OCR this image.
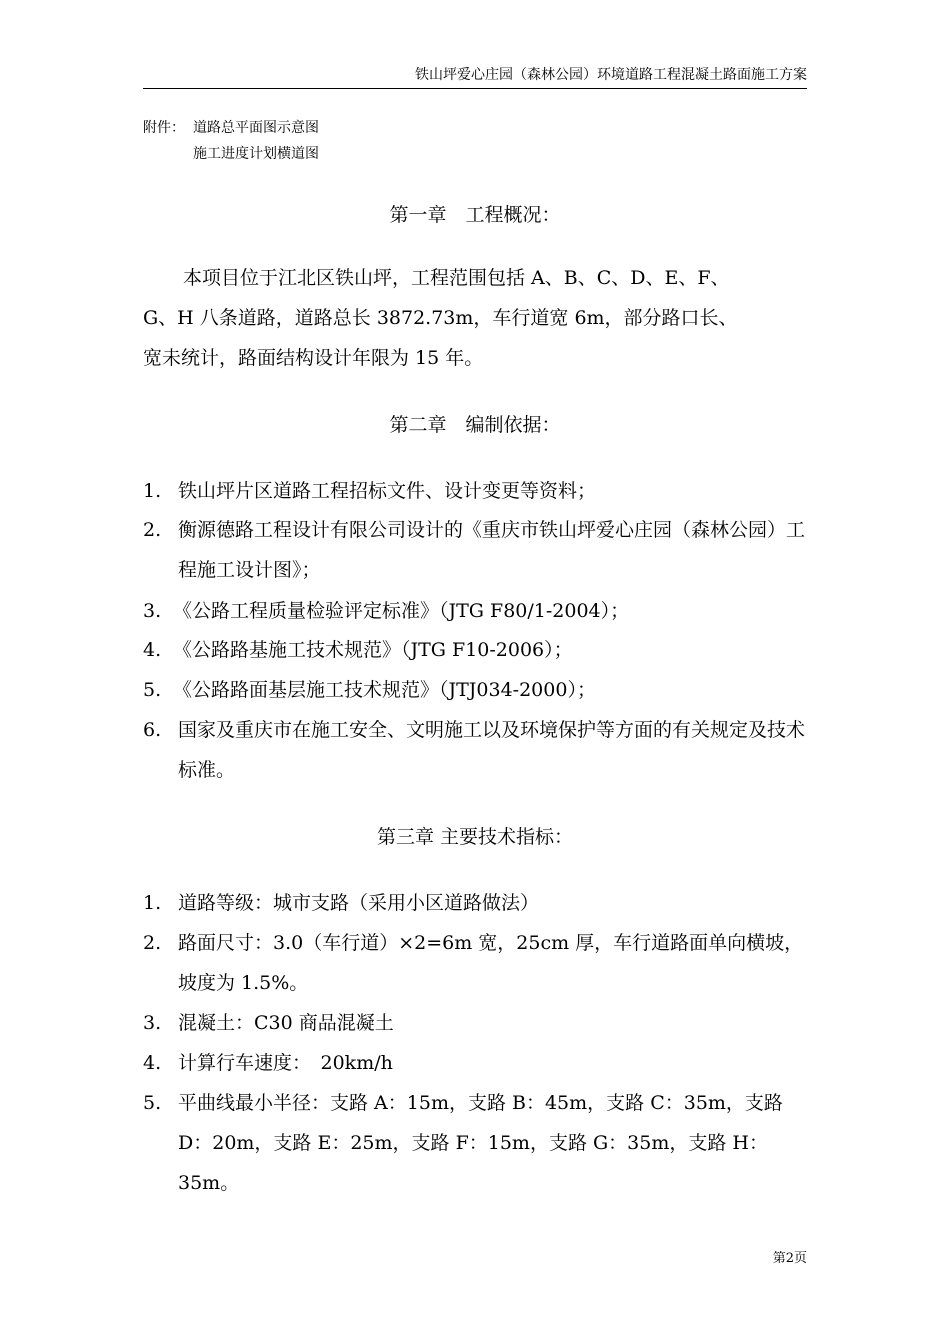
铁山坪爱心庄园（森林公园）环境道路工程混凝土路面施工方案
附件： 道路总平面图示意图
施工进度计划横道图
第一章　工程概况：
本项目位于江北区铁山坪，工程范围包括 A、B、C、D、E、F、
G、H 八条道路，道路总长 3872.73m，车行道宽 6m，部分路口长、
宽未统计，路面结构设计年限为 15 年。
第二章　编制依据：
1. 铁山坪片区道路工程招标文件、设计变更等资料；
2. 衡源德路工程设计有限公司设计的《重庆市铁山坪爱心庄园（森林公园）工程施工设计图》；
3. 《公路工程质量检验评定标准》（JTG F80/1-2004）；
4. 《公路路基施工技术规范》（JTG F10-2006）；
5. 《公路路面基层施工技术规范》（JTJ034-2000）；
6. 国家及重庆市在施工安全、文明施工以及环境保护等方面的有关规定及技术标准。
第三章 主要技术指标：
1. 道路等级：城市支路（采用小区道路做法）
2. 路面尺寸：3.0（车行道）×2=6m 宽，25cm 厚，车行道路面单向横坡，坡度为 1.5%。
3. 混凝土：C30 商品混凝土
4. 计算行车速度：　20km/h
5. 平曲线最小半径：支路 A：15m，支路 B：45m，支路 C：35m，支路 D：20m，支路 E：25m，支路 F：15m，支路 G：35m，支路 H：35m。
第2页
